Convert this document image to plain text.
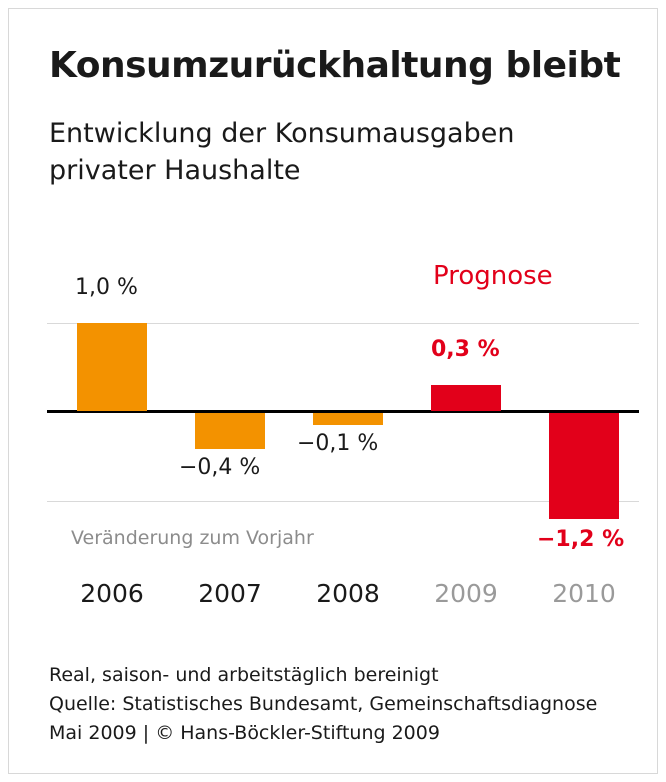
Konsumzurückhaltung bleibt
Entwicklung der Konsumausgaben
privater Haushalte
Prognose
1,0 %
−0,4 %
−0,1 %
0,3 %
−1,2 %
Veränderung zum Vorjahr
2006	2007	2008	2009	2010
Real, saison- und arbeitstäglich bereinigt
Quelle: Statistisches Bundesamt, Gemeinschaftsdiagnose
Mai 2009 | © Hans-Böckler-Stiftung 2009
